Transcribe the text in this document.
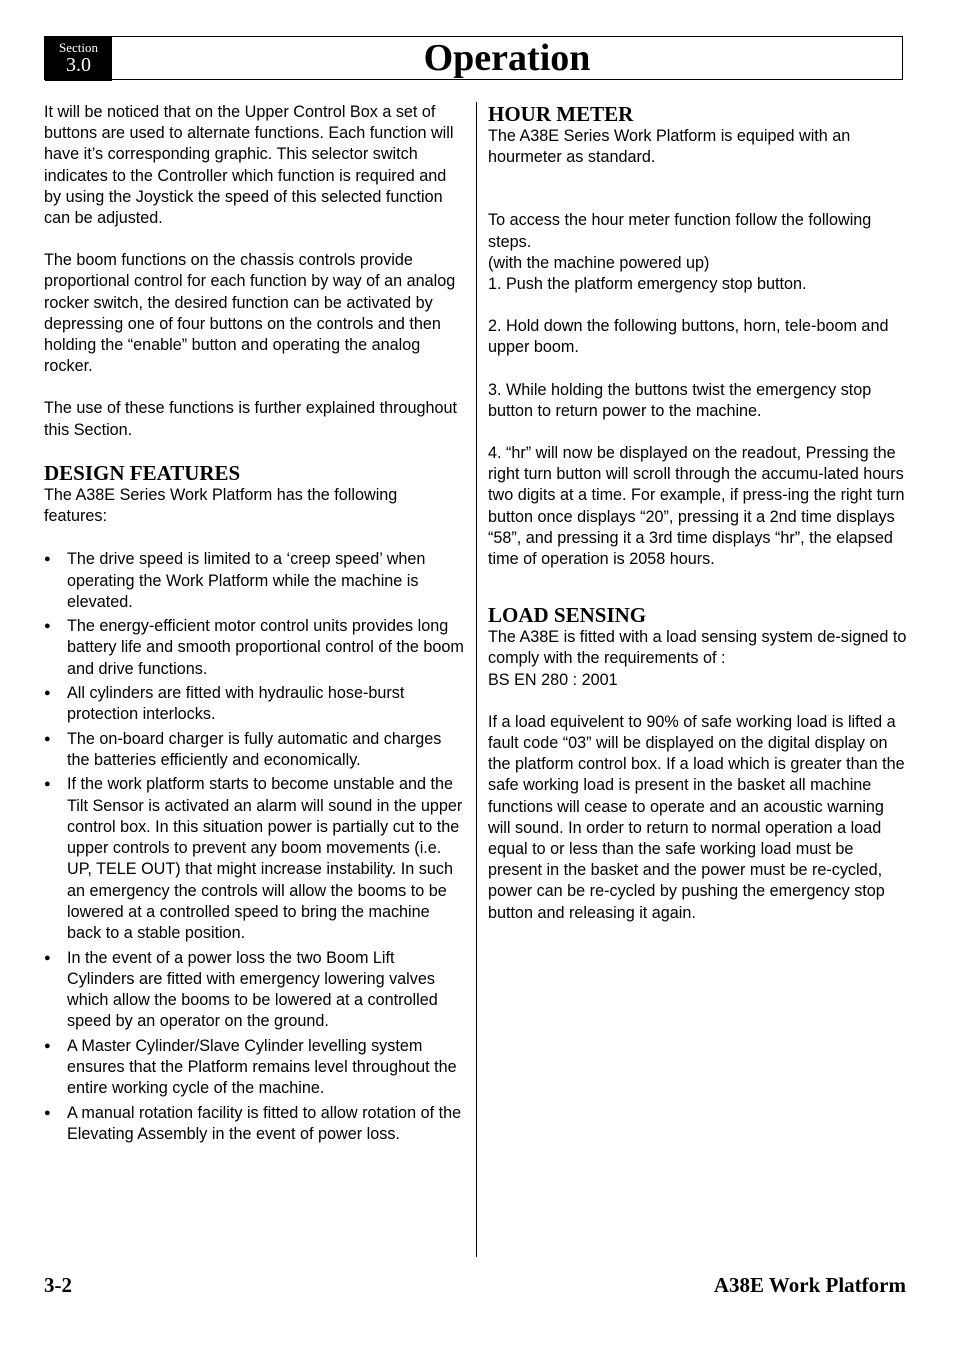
Section
3.0	Operation

It will be noticed that on the Upper Control Box a set of buttons are used to alternate functions. Each function will have it’s corresponding graphic. This selector switch indicates to the Controller which function is required and by using the Joystick the speed of this selected function can be adjusted.

The boom functions on the chassis controls provide proportional control for each function by way of an analog rocker switch, the desired function can be activated by depressing one of four buttons on the controls and then holding the “enable” button and operating the analog rocker.

The use of these functions is further explained throughout this Section.

DESIGN FEATURES

The A38E Series Work Platform has the following features:

● The drive speed is limited to a ‘creep speed’ when operating the Work Platform while the machine is elevated.
● The energy-efficient motor control units provides long battery life and smooth proportional control of the boom and drive functions.
● All cylinders are fitted with hydraulic hose-burst protection interlocks.
● The on-board charger is fully automatic and charges the batteries efficiently and economically.
● If the work platform starts to become unstable and the Tilt Sensor is activated an alarm will sound in the upper control box. In this situation power is partially cut to the upper controls to prevent any boom movements (i.e. UP, TELE OUT) that might increase instability. In such an emergency the controls will allow the booms to be lowered at a controlled speed to bring the machine back to a stable position.
● In the event of a power loss the two Boom Lift Cylinders are fitted with emergency lowering valves which allow the booms to be lowered at a controlled speed by an operator on the ground.
● A Master Cylinder/Slave Cylinder levelling system ensures that the Platform remains level throughout the entire working cycle of the machine.
● A manual rotation facility is fitted to allow rotation of the Elevating Assembly in the event of power loss.
HOUR METER

The A38E Series Work Platform is equiped with an hourmeter as standard.

To access the hour meter function follow the following steps.

(with the machine powered up)

1. Push the platform emergency stop button.

2. Hold down the following buttons, horn, tele-boom and upper boom.

3. While holding the buttons twist the emergency stop button to return power to the machine.

4. “hr” will now be displayed on the readout, Pressing the right turn button will scroll through the accumu-lated hours two digits at a time. For example, if press-ing the right turn button once displays “20”, pressing it a 2nd time displays “58”, and pressing it a 3rd time displays “hr”, the elapsed time of operation is 2058 hours.

LOAD SENSING

The A38E is fitted with a load sensing system de-signed to comply with the requirements of :

BS EN 280 : 2001

If a load equivelent to 90% of safe working load is lifted a fault code “03” will be displayed on the digital display on the platform control box. If a load which is greater than the safe working load is present in the basket all machine functions will cease to operate and an acoustic warning will sound. In order to return to normal operation a load equal to or less than the safe working load must be present in the basket and the power must be re-cycled, power can be re-cycled by pushing the emergency stop button and releasing it again.

3-2	A38E Work Platform
